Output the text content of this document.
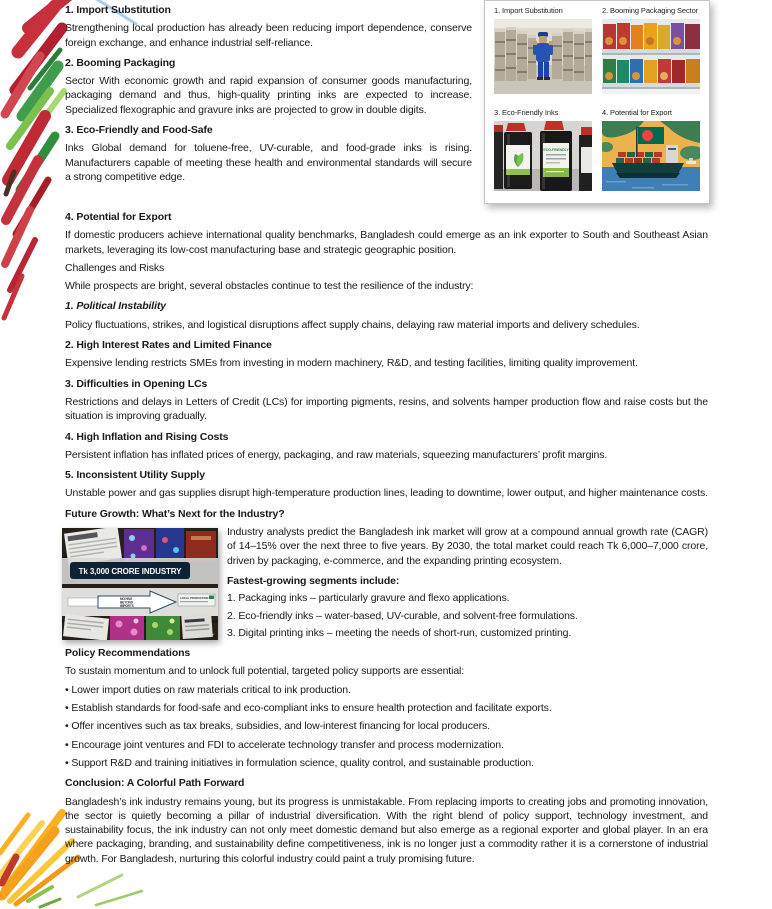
1. Import Substitution	2. Booming Packaging Sector
3. Eco-Friendly Inks	4. Potential for Export
ECO-FRIENDLY
1. Import Substitution

Strengthening local production has already been reducing import dependence, conserve foreign exchange, and enhance industrial self-reliance.

2. Booming Packaging

Sector With economic growth and rapid expansion of consumer goods manufacturing, packaging demand and thus, high-quality printing inks are expected to increase. Specialized flexographic and gravure inks are projected to grow in double digits.

3. Eco-Friendly and Food-Safe

Inks Global demand for toluene-free, UV-curable, and food-grade inks is rising. Manufacturers capable of meeting these health and environmental standards will secure a strong competitive edge.

4. Potential for Export

If domestic producers achieve international quality benchmarks, Bangladesh could emerge as an ink exporter to South and Southeast Asian markets, leveraging its low-cost manufacturing base and strategic geographic position.

Challenges and Risks

While prospects are bright, several obstacles continue to test the resilience of the industry:

1. Political Instability

Policy fluctuations, strikes, and logistical disruptions affect supply chains, delaying raw material imports and delivery schedules.

2. High Interest Rates and Limited Finance

Expensive lending restricts SMEs from investing in modern machinery, R&D, and testing facilities, limiting quality improvement.

3. Difficulties in Opening LCs

Restrictions and delays in Letters of Credit (LCs) for importing pigments, resins, and solvents hamper production flow and raise costs but the situation is improving gradually.

4. High Inflation and Rising Costs

Persistent inflation has inflated prices of energy, packaging, and raw materials, squeezing manufacturers’ profit margins.

5. Inconsistent Utility Supply

Unstable power and gas supplies disrupt high-temperature production lines, leading to downtime, lower output, and higher maintenance costs.

Future Growth: What’s Next for the Industry?
Tk 3,000 CRORE INDUSTRY
MOVING
BEYOND
IMPORTS
LOCAL PRODUCTION
✦

Industry analysts predict the Bangladesh ink market will grow at a compound annual growth rate (CAGR) of 14–15% over the next three to five years. By 2030, the total market could reach Tk 6,000–7,000 crore, driven by packaging, e-commerce, and the expanding printing ecosystem.

Fastest-growing segments include:

1. Packaging inks – particularly gravure and flexo applications.

2. Eco-friendly inks – water-based, UV-curable, and solvent-free formulations.

3. Digital printing inks – meeting the needs of short-run, customized printing.

Policy Recommendations

To sustain momentum and to unlock full potential, targeted policy supports are essential:

• Lower import duties on raw materials critical to ink production.

• Establish standards for food-safe and eco-compliant inks to ensure health protection and facilitate exports.

• Offer incentives such as tax breaks, subsidies, and low-interest financing for local producers.

• Encourage joint ventures and FDI to accelerate technology transfer and process modernization.

• Support R&D and training initiatives in formulation science, quality control, and sustainable production.

Conclusion: A Colorful Path Forward

Bangladesh’s ink industry remains young, but its progress is unmistakable. From replacing imports to creating jobs and promoting innovation, the sector is quietly becoming a pillar of industrial diversification. With the right blend of policy support, technology investment, and sustainability focus, the ink industry can not only meet domestic demand but also emerge as a regional exporter and global player. In an era where packaging, branding, and sustainability define competitiveness, ink is no longer just a commodity rather it is a cornerstone of industrial growth. For Bangladesh, nurturing this colorful industry could paint a truly promising future.
